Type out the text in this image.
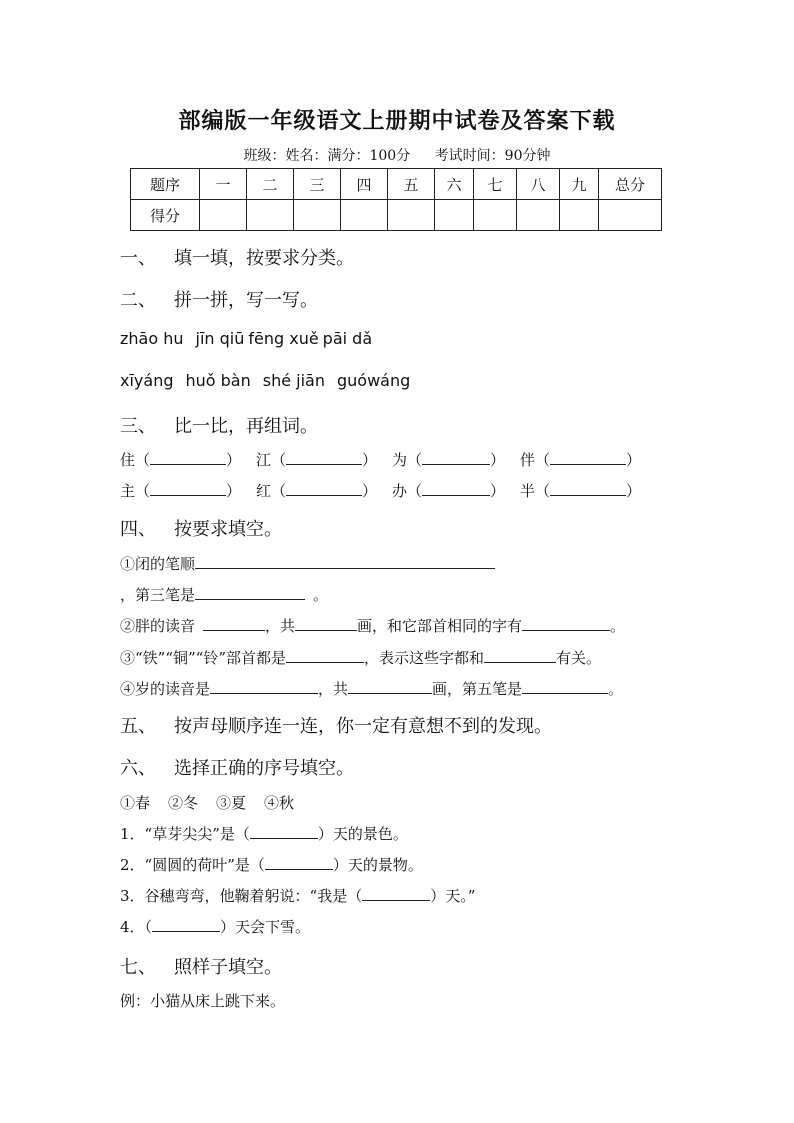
部编版一年级语文上册期中试卷及答案下载
班级：姓名：满分：100分 考试时间：90分钟
题序	一	二	三	四	五	六	七	八	九	总分
得分										
一、 填一填，按要求分类。
二、 拼一拼，写一写。
zhāo hu jīn qiū fēng xuě pāi dǎ
xīyáng huǒ bàn shé jiān guówáng
三、 比一比，再组词。
住（	） 江（	） 为（	） 伴（	）
主（	） 红（	） 办（	） 半（	）
四、 按要求填空。
①闭的笔顺
，第三笔是	。
②胖的读音	，共	画，和它部首相同的字有	。
③“铁”“铜”“铃”部首都是	，表示这些字都和	有关。
④岁的读音是	，共	画，第五笔是	。
五、 按声母顺序连一连，你一定有意想不到的发现。
六、 选择正确的序号填空。
①春 ②冬 ③夏 ④秋
1．“草芽尖尖”是（	）天的景色。
2．“圆圆的荷叶”是（	）天的景物。
3．谷穗弯弯，他鞠着躬说：“我是（	）天。”
4．（	）天会下雪。
七、 照样子填空。
例：小猫从床上跳下来。
